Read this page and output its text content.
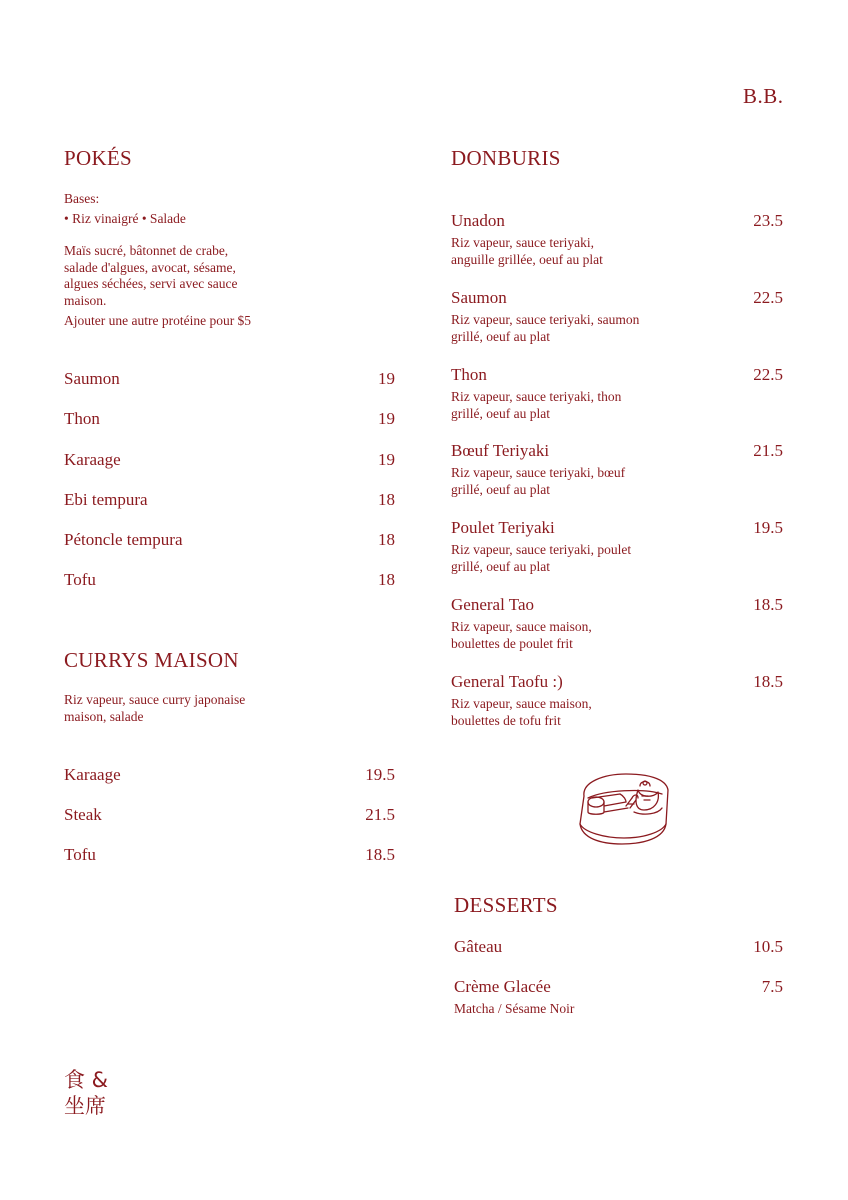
B.B.
POKÉS
Bases:
• Riz vinaigré • Salade
Maïs sucré, bâtonnet de crabe,
salade d'algues, avocat, sésame,
algues séchées, servi avec sauce
maison.
Ajouter une autre protéine pour $5
Saumon	19
Thon	19
Karaage	19
Ebi tempura	18
Pétoncle tempura	18
Tofu	18
CURRYS MAISON
Riz vapeur, sauce curry japonaise
maison, salade
Karaage	19.5
Steak	21.5
Tofu	18.5
DONBURIS
Unadon	23.5
Riz vapeur, sauce teriyaki,
anguille grillée, oeuf au plat
Saumon	22.5
Riz vapeur, sauce teriyaki, saumon
grillé, oeuf au plat
Thon	22.5
Riz vapeur, sauce teriyaki, thon
grillé, oeuf au plat
Bœuf Teriyaki	21.5
Riz vapeur, sauce teriyaki, bœuf
grillé, oeuf au plat
Poulet Teriyaki	19.5
Riz vapeur, sauce teriyaki, poulet
grillé, oeuf au plat
General Tao	18.5
Riz vapeur, sauce maison,
boulettes de poulet frit
General Taofu :)	18.5
Riz vapeur, sauce maison,
boulettes de tofu frit
DESSERTS
Gâteau	10.5
Crème Glacée	7.5
Matcha / Sésame Noir
食 &
坐席
